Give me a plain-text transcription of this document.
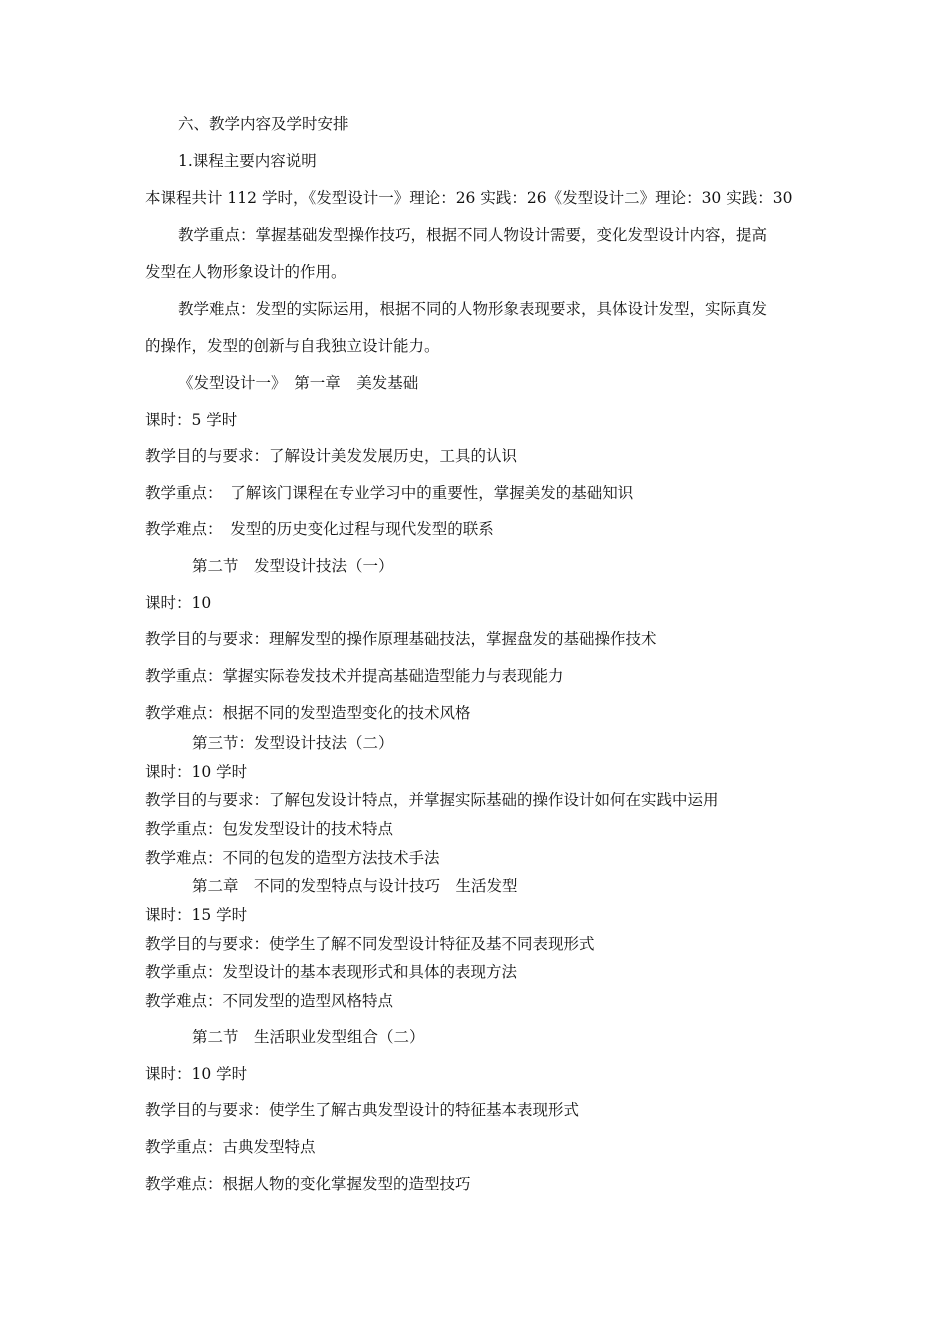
六、教学内容及学时安排
1.课程主要内容说明
本课程共计 112 学时，《发型设计一》理论：26 实践：26《发型设计二》理论：30 实践：30
教学重点：掌握基础发型操作技巧，根据不同人物设计需要，变化发型设计内容，提高
发型在人物形象设计的作用。
教学难点：发型的实际运用，根据不同的人物形象表现要求，具体设计发型，实际真发
的操作，发型的创新与自我独立设计能力。
《发型设计一》　第一章　美发基础
课时：5 学时
教学目的与要求：了解设计美发发展历史，工具的认识
教学重点：　了解该门课程在专业学习中的重要性，掌握美发的基础知识
教学难点：　发型的历史变化过程与现代发型的联系
第二节　发型设计技法（一）
课时：10
教学目的与要求：理解发型的操作原理基础技法，掌握盘发的基础操作技术
教学重点：掌握实际卷发技术并提高基础造型能力与表现能力
教学难点：根据不同的发型造型变化的技术风格
第三节：发型设计技法（二）
课时：10 学时
教学目的与要求：了解包发设计特点，并掌握实际基础的操作设计如何在实践中运用
教学重点：包发发型设计的技术特点
教学难点：不同的包发的造型方法技术手法
第二章　不同的发型特点与设计技巧　生活发型
课时：15 学时
教学目的与要求：使学生了解不同发型设计特征及基不同表现形式
教学重点：发型设计的基本表现形式和具体的表现方法
教学难点：不同发型的造型风格特点
第二节　生活职业发型组合（二）
课时：10 学时
教学目的与要求：使学生了解古典发型设计的特征基本表现形式
教学重点：古典发型特点
教学难点：根据人物的变化掌握发型的造型技巧
